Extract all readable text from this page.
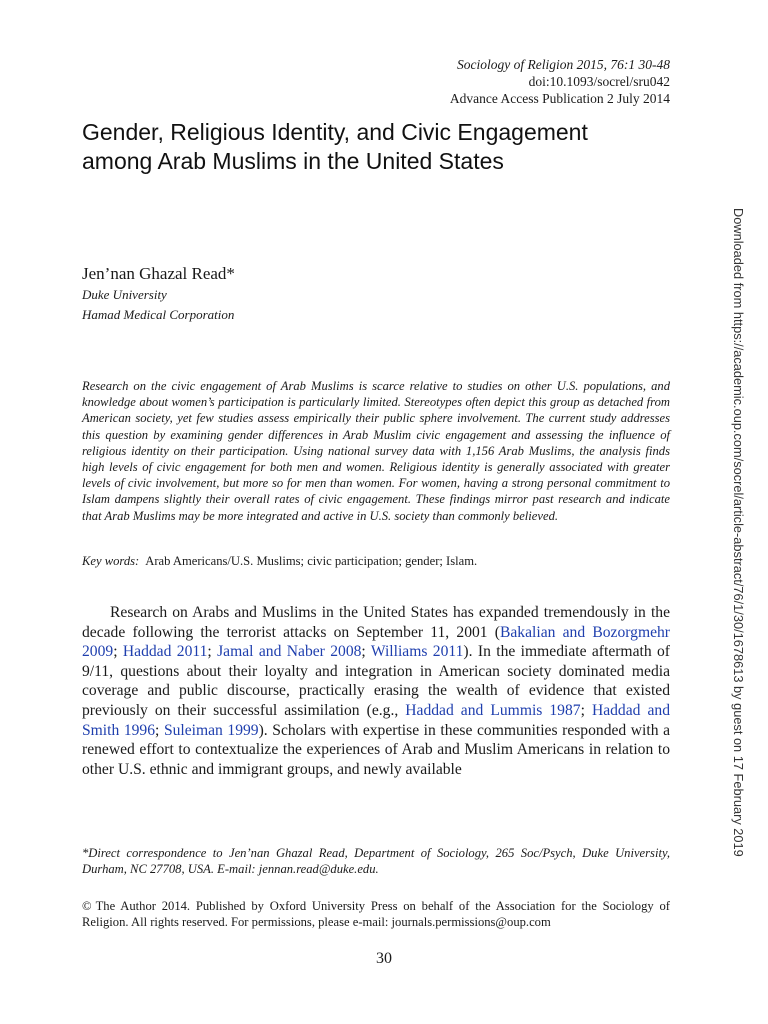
Sociology of Religion 2015, 76:1 30-48
doi:10.1093/socrel/sru042
Advance Access Publication 2 July 2014
Gender, Religious Identity, and Civic Engagement among Arab Muslims in the United States
Jen’nan Ghazal Read*
Duke University
Hamad Medical Corporation

Research on the civic engagement of Arab Muslims is scarce relative to studies on other U.S. populations, and knowledge about women’s participation is particularly limited. Stereotypes often depict this group as detached from American society, yet few studies assess empirically their public sphere involvement. The current study addresses this question by examining gender differences in Arab Muslim civic engagement and assessing the influence of religious identity on their participation. Using national survey data with 1,156 Arab Muslims, the analysis finds high levels of civic engagement for both men and women. Religious identity is generally associated with greater levels of civic involvement, but more so for men than women. For women, having a strong personal commitment to Islam dampens slightly their overall rates of civic engagement. These findings mirror past research and indicate that Arab Muslims may be more integrated and active in U.S. society than commonly believed.

Key words: Arab Americans/U.S. Muslims; civic participation; gender; Islam.

Research on Arabs and Muslims in the United States has expanded tremendously in the decade following the terrorist attacks on September 11, 2001 (Bakalian and Bozorgmehr 2009; Haddad 2011; Jamal and Naber 2008; Williams 2011). In the immediate aftermath of 9/11, questions about their loyalty and integration in American society dominated media coverage and public discourse, practically erasing the wealth of evidence that existed previously on their successful assimilation (e.g., Haddad and Lummis 1987; Haddad and Smith 1996; Suleiman 1999). Scholars with expertise in these communities responded with a renewed effort to contextualize the experiences of Arab and Muslim Americans in relation to other U.S. ethnic and immigrant groups, and newly available

*Direct correspondence to Jen’nan Ghazal Read, Department of Sociology, 265 Soc/Psych, Duke University, Durham, NC 27708, USA. E-mail: jennan.read@duke.edu.

© The Author 2014. Published by Oxford University Press on behalf of the Association for the Sociology of Religion. All rights reserved. For permissions, please e-mail: journals.permissions@oup.com

30
Downloaded from https://academic.oup.com/socrel/article-abstract/76/1/30/1678613 by guest on 17 February 2019
